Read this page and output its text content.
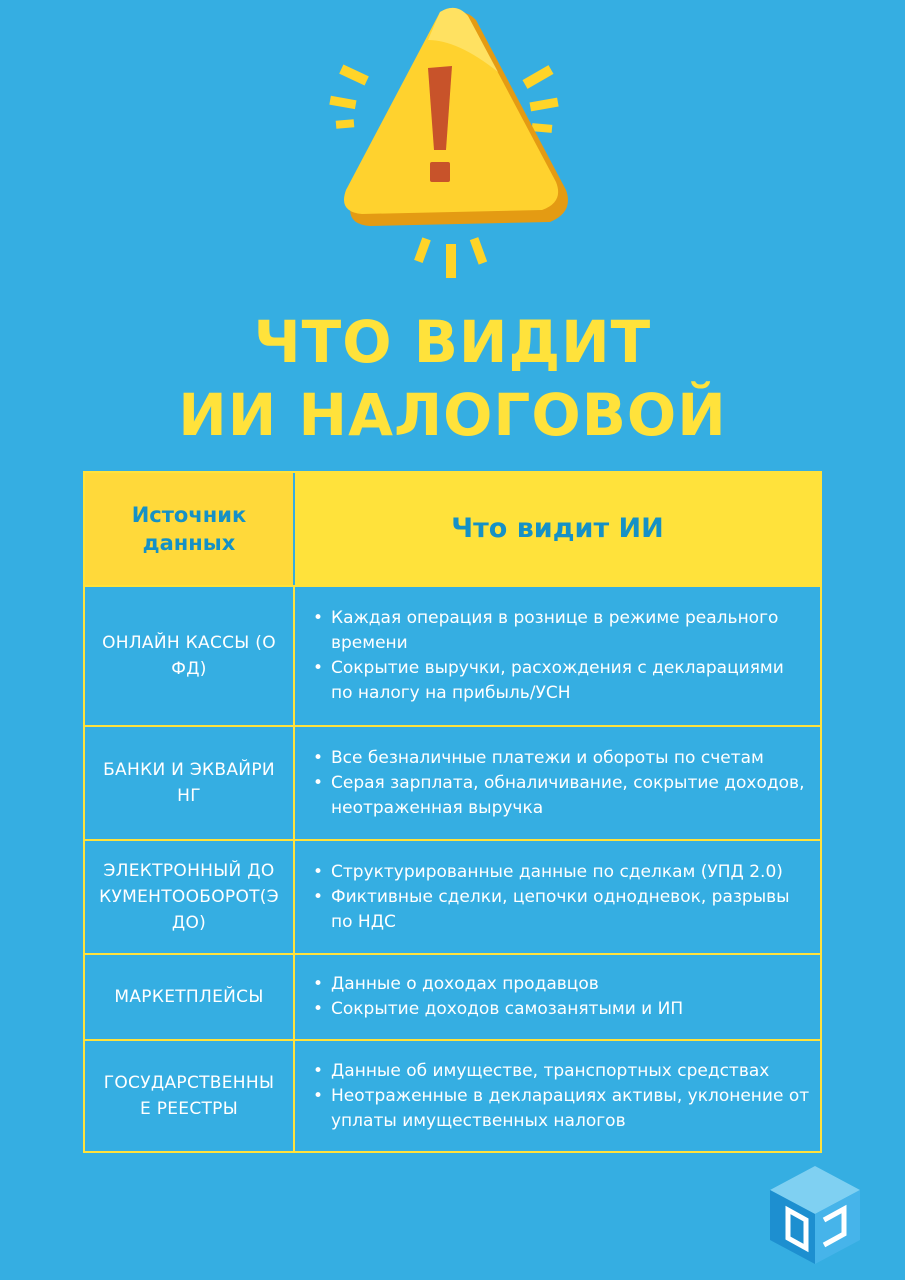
ЧТО ВИДИТ
ИИ НАЛОГОВОЙ
Источник данных	Что видит ИИ
ОНЛАЙН КАССЫ (ОФД)
• Каждая операция в рознице в режиме реального времени
• Сокрытие выручки, расхождения с декларациями по налогу на прибыль/УСН
БАНКИ И ЭКВАЙРИНГ
• Все безналичные платежи и обороты по счетам
• Серая зарплата, обналичивание, сокрытие доходов, неотраженная выручка
ЭЛЕКТРОННЫЙ ДОКУМЕНТООБОРОТ(ЭДО)
• Структурированные данные по сделкам (УПД 2.0)
• Фиктивные сделки, цепочки однодневок, разрывы по НДС
МАРКЕТПЛЕЙСЫ
• Данные о доходах продавцов
• Сокрытие доходов самозанятыми и ИП
ГОСУДАРСТВЕННЫЕ РЕЕСТРЫ
• Данные об имуществе, транспортных средствах
• Неотраженные в декларациях активы, уклонение от уплаты имущественных налогов
